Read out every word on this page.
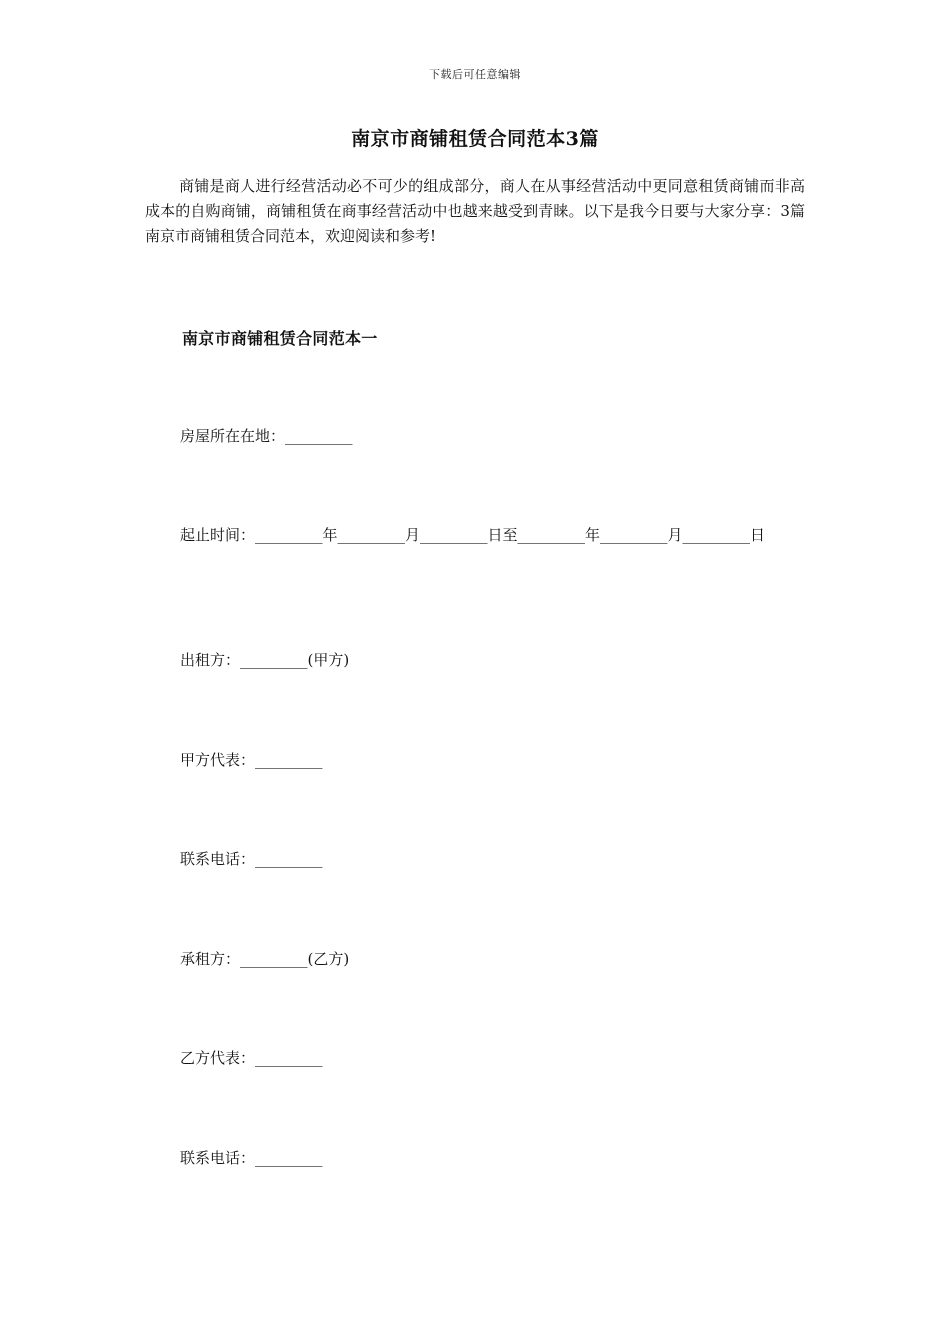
下载后可任意编辑
南京市商铺租赁合同范本3篇

商铺是商人进行经营活动必不可少的组成部分，商人在从事经营活动中更同意租赁商铺而非高成本的自购商铺，商铺租赁在商事经营活动中也越来越受到青睐。以下是我今日要与大家分享：3篇南京市商铺租赁合同范本，欢迎阅读和参考!

南京市商铺租赁合同范本一
房屋所在在地：_________
起止时间：_________年_________月_________日至_________年_________月_________日
出租方：_________(甲方)
甲方代表：_________
联系电话：_________
承租方：_________(乙方)
乙方代表：_________
联系电话：_________
